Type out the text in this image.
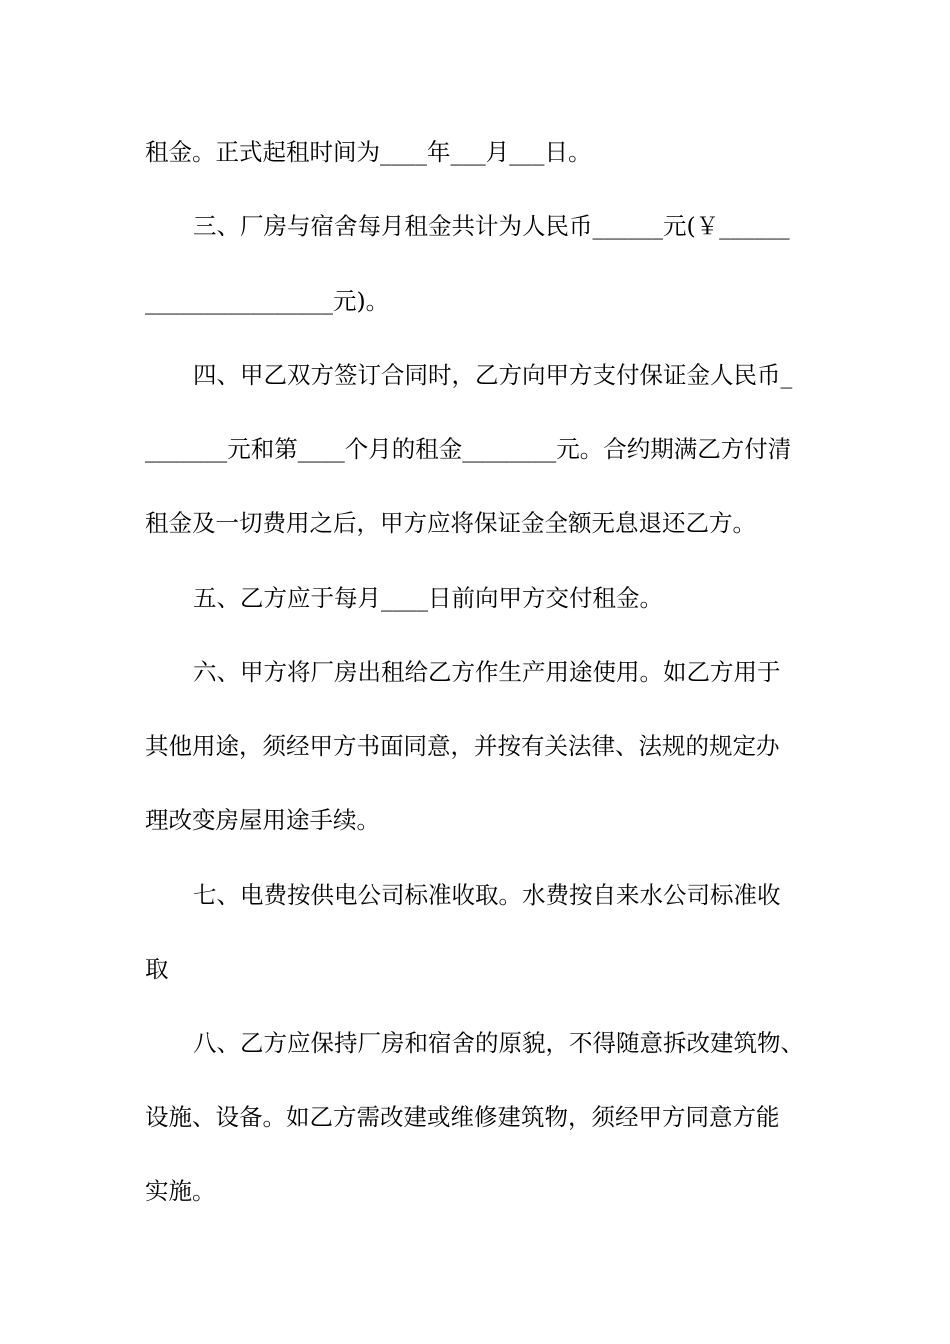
租金。正式起租时间为____年___月___日。
三、厂房与宿舍每月租金共计为人民币______元(￥______
________________元)。
四、甲乙双方签订合同时，乙方向甲方支付保证金人民币_
_______元和第____个月的租金________元。合约期满乙方付清
租金及一切费用之后，甲方应将保证金全额无息退还乙方。
五、乙方应于每月____日前向甲方交付租金。
六、甲方将厂房出租给乙方作生产用途使用。如乙方用于
其他用途，须经甲方书面同意，并按有关法律、法规的规定办
理改变房屋用途手续。
七、电费按供电公司标准收取。水费按自来水公司标准收
取
八、乙方应保持厂房和宿舍的原貌，不得随意拆改建筑物、
设施、设备。如乙方需改建或维修建筑物，须经甲方同意方能
实施。
